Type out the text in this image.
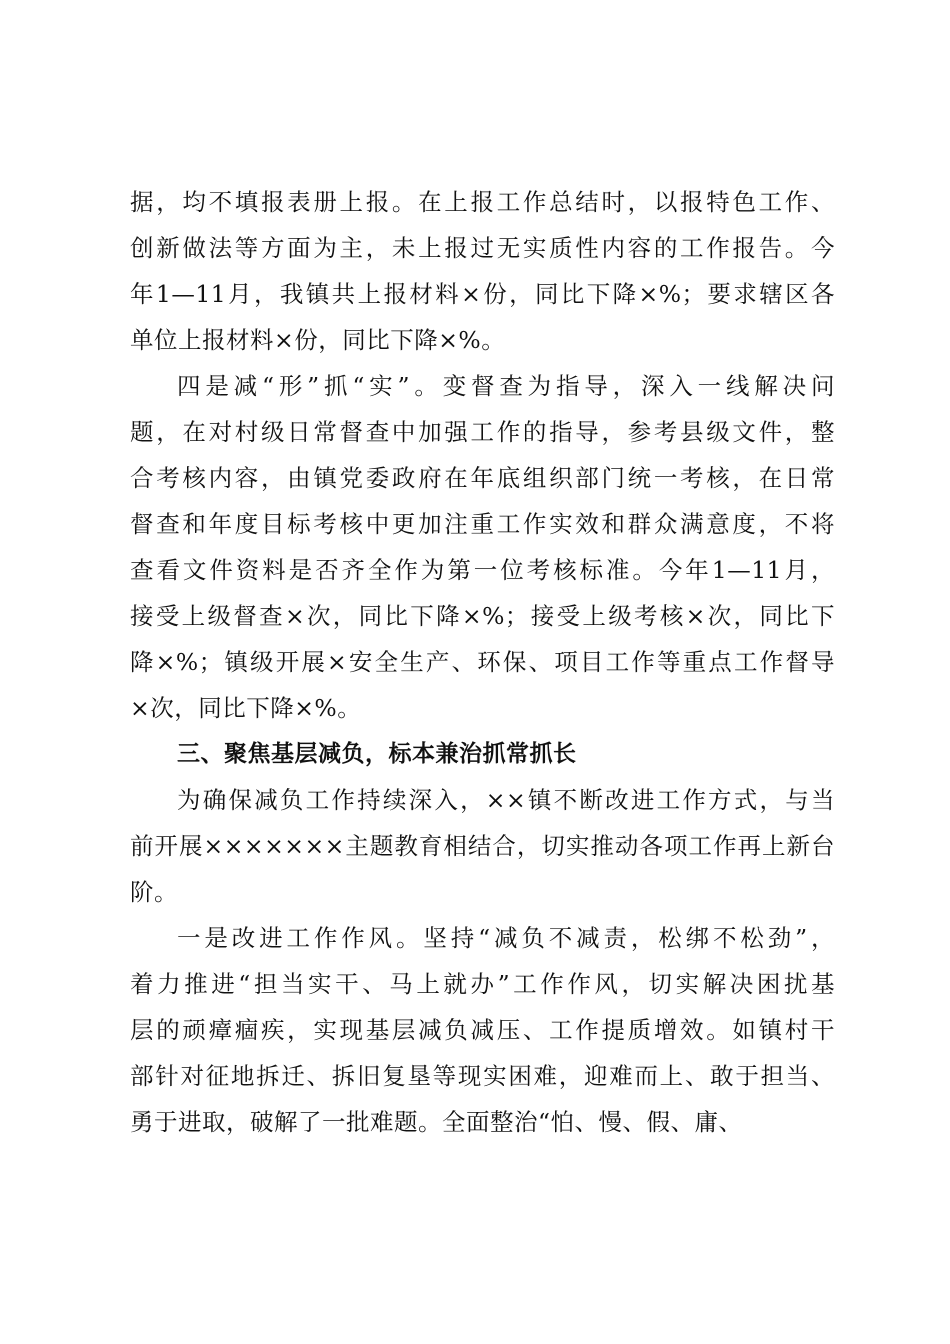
据，均不填报表册上报。在上报工作总结时，以报特色工作、
创新做法等方面为主，未上报过无实质性内容的工作报告。今
年1—11月，我镇共上报材料×份，同比下降×%；要求辖区各
单位上报材料×份，同比下降×%。
四是减“形”抓“实”。变督查为指导，深入一线解决问
题，在对村级日常督查中加强工作的指导，参考县级文件，整
合考核内容，由镇党委政府在年底组织部门统一考核，在日常
督查和年度目标考核中更加注重工作实效和群众满意度，不将
查看文件资料是否齐全作为第一位考核标准。今年1—11月，
接受上级督查×次，同比下降×%；接受上级考核×次，同比下
降×%；镇级开展×安全生产、环保、项目工作等重点工作督导
×次，同比下降×%。
三、聚焦基层减负，标本兼治抓常抓长
为确保减负工作持续深入，××镇不断改进工作方式，与当
前开展×××××××主题教育相结合，切实推动各项工作再上新台
阶。
一是改进工作作风。坚持“减负不减责，松绑不松劲”，
着力推进“担当实干、马上就办”工作作风，切实解决困扰基
层的顽瘴痼疾，实现基层减负减压、工作提质增效。如镇村干
部针对征地拆迁、拆旧复垦等现实困难，迎难而上、敢于担当、
勇于进取，破解了一批难题。全面整治“怕、慢、假、庸、
